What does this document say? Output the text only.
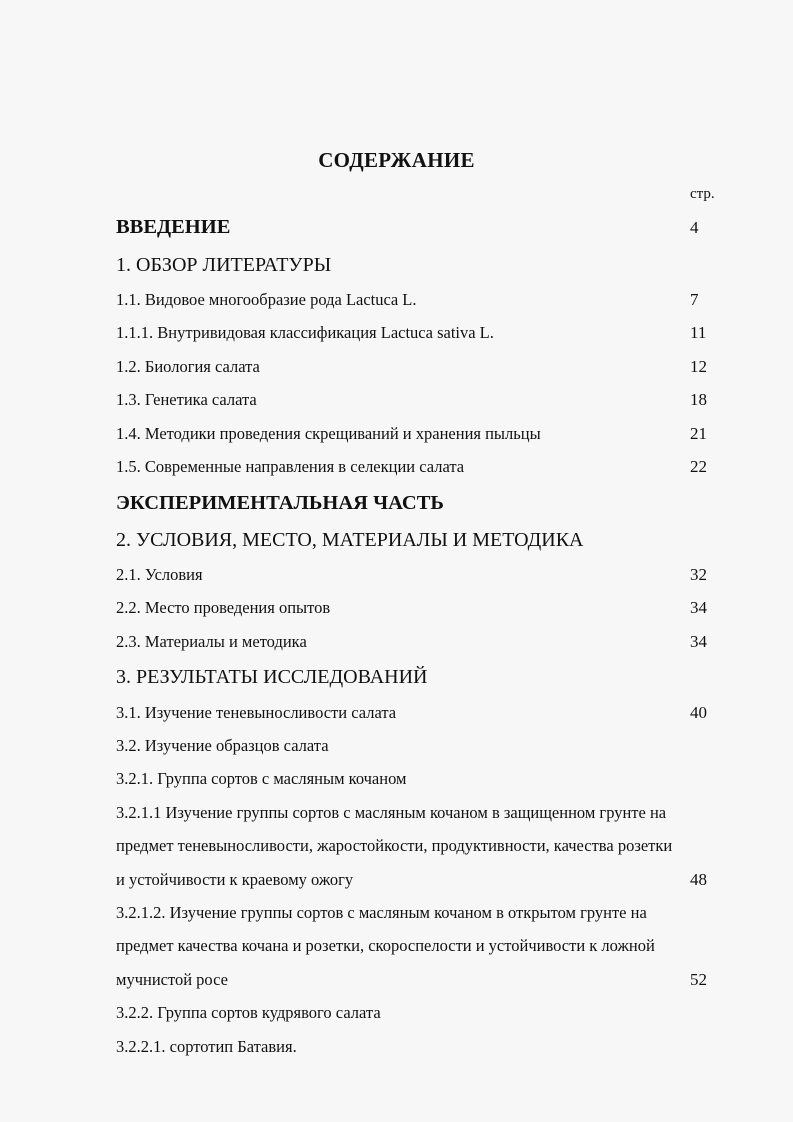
СОДЕРЖАНИЕ
стр.
ВВЕДЕНИЕ	4
1. ОБЗОР ЛИТЕРАТУРЫ
1.1. Видовое многообразие рода Lactuca L.	7
1.1.1. Внутривидовая классификация Lactuca sativa L.	11
1.2. Биология салата	12
1.3. Генетика салата	18
1.4. Методики проведения скрещиваний и хранения пыльцы	21
1.5. Современные направления в селекции салата	22
ЭКСПЕРИМЕНТАЛЬНАЯ ЧАСТЬ
2. УСЛОВИЯ, МЕСТО, МАТЕРИАЛЫ И МЕТОДИКА
2.1. Условия	32
2.2. Место проведения опытов	34
2.3. Материалы и методика	34
3. РЕЗУЛЬТАТЫ ИССЛЕДОВАНИЙ
3.1. Изучение теневыносливости салата	40
3.2. Изучение образцов салата
3.2.1. Группа сортов с масляным кочаном
3.2.1.1 Изучение группы сортов с масляным кочаном в защищенном грунте на
предмет теневыносливости, жаростойкости, продуктивности, качества розетки
и устойчивости к краевому ожогу	48
3.2.1.2. Изучение группы сортов с масляным кочаном в открытом грунте на
предмет качества кочана и розетки, скороспелости и устойчивости к ложной
мучнистой росе	52
3.2.2. Группа сортов кудрявого салата
3.2.2.1. сортотип Батавия.
